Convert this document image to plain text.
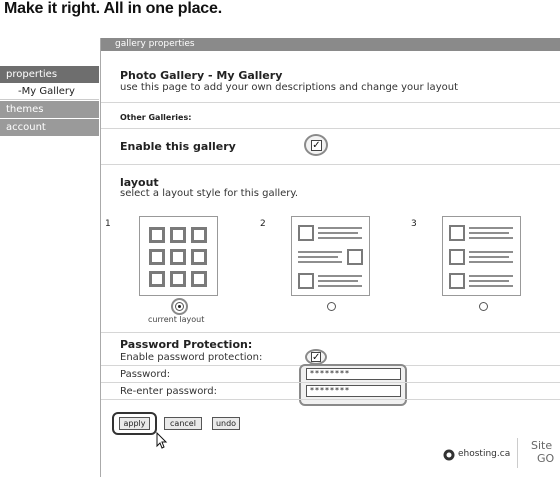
Make it right. All in one place.
properties
-My Gallery
themes
account
gallery properties
Photo Gallery - My Gallery
use this page to add your own descriptions and change your layout
Other Galleries:
Enable this gallery	✓
layout
select a layout style for this gallery.
1
current layout
2	3
Password Protection:
Enable password protection:	✓
Password:	********
Re-enter password:	********
apply	cancel	undo
ehosting.ca
Site
GO
